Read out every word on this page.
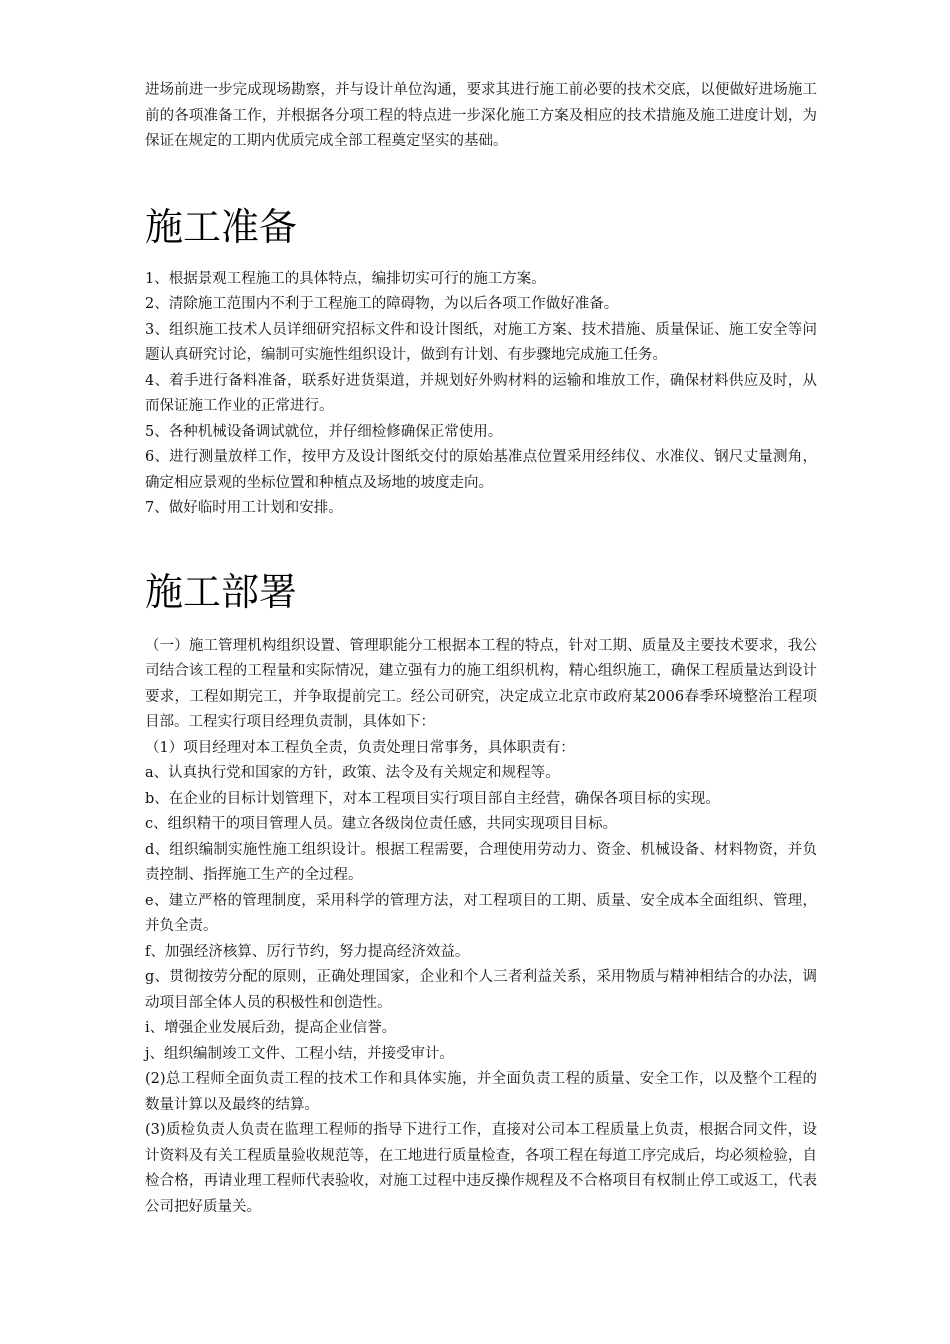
进场前进一步完成现场勘察，并与设计单位沟通，要求其进行施工前必要的技术交底，以便做好进场施工前的各项准备工作，并根据各分项工程的特点进一步深化施工方案及相应的技术措施及施工进度计划，为保证在规定的工期内优质完成全部工程奠定坚实的基础。

施工准备

1、根据景观工程施工的具体特点，编排切实可行的施工方案。

2、清除施工范围内不利于工程施工的障碍物，为以后各项工作做好准备。

3、组织施工技术人员详细研究招标文件和设计图纸，对施工方案、技术措施、质量保证、施工安全等问题认真研究讨论，编制可实施性组织设计，做到有计划、有步骤地完成施工任务。

4、着手进行备料准备，联系好进货渠道，并规划好外购材料的运输和堆放工作，确保材料供应及时，从而保证施工作业的正常进行。

5、各种机械设备调试就位，并仔细检修确保正常使用。

6、进行测量放样工作，按甲方及设计图纸交付的原始基准点位置采用经纬仪、水准仪、钢尺丈量测角，确定相应景观的坐标位置和种植点及场地的坡度走向。

7、做好临时用工计划和安排。

施工部署

（一）施工管理机构组织设置、管理职能分工根据本工程的特点，针对工期、质量及主要技术要求，我公司结合该工程的工程量和实际情况，建立强有力的施工组织机构，精心组织施工，确保工程质量达到设计要求，工程如期完工，并争取提前完工。经公司研究，决定成立北京市政府某2006春季环境整治工程项目部。工程实行项目经理负责制，具体如下：

（1）项目经理对本工程负全责，负责处理日常事务，具体职责有：

a、认真执行党和国家的方针，政策、法令及有关规定和规程等。

b、在企业的目标计划管理下，对本工程项目实行项目部自主经营，确保各项目标的实现。

c、组织精干的项目管理人员。建立各级岗位责任感，共同实现项目目标。

d、组织编制实施性施工组织设计。根据工程需要，合理使用劳动力、资金、机械设备、材料物资，并负责控制、指挥施工生产的全过程。

e、建立严格的管理制度，采用科学的管理方法，对工程项目的工期、质量、安全成本全面组织、管理，并负全责。

f、加强经济核算、厉行节约，努力提高经济效益。

g、贯彻按劳分配的原则，正确处理国家，企业和个人三者利益关系，采用物质与精神相结合的办法，调动项目部全体人员的积极性和创造性。

i、增强企业发展后劲，提高企业信誉。

j、组织编制竣工文件、工程小结，并接受审计。

(2)总工程师全面负责工程的技术工作和具体实施，并全面负责工程的质量、安全工作，以及整个工程的数量计算以及最终的结算。

(3)质检负责人负责在监理工程师的指导下进行工作，直接对公司本工程质量上负责，根据合同文件，设计资料及有关工程质量验收规范等，在工地进行质量检查，各项工程在每道工序完成后，均必须检验，自检合格，再请业理工程师代表验收，对施工过程中违反操作规程及不合格项目有权制止停工或返工，代表公司把好质量关。
